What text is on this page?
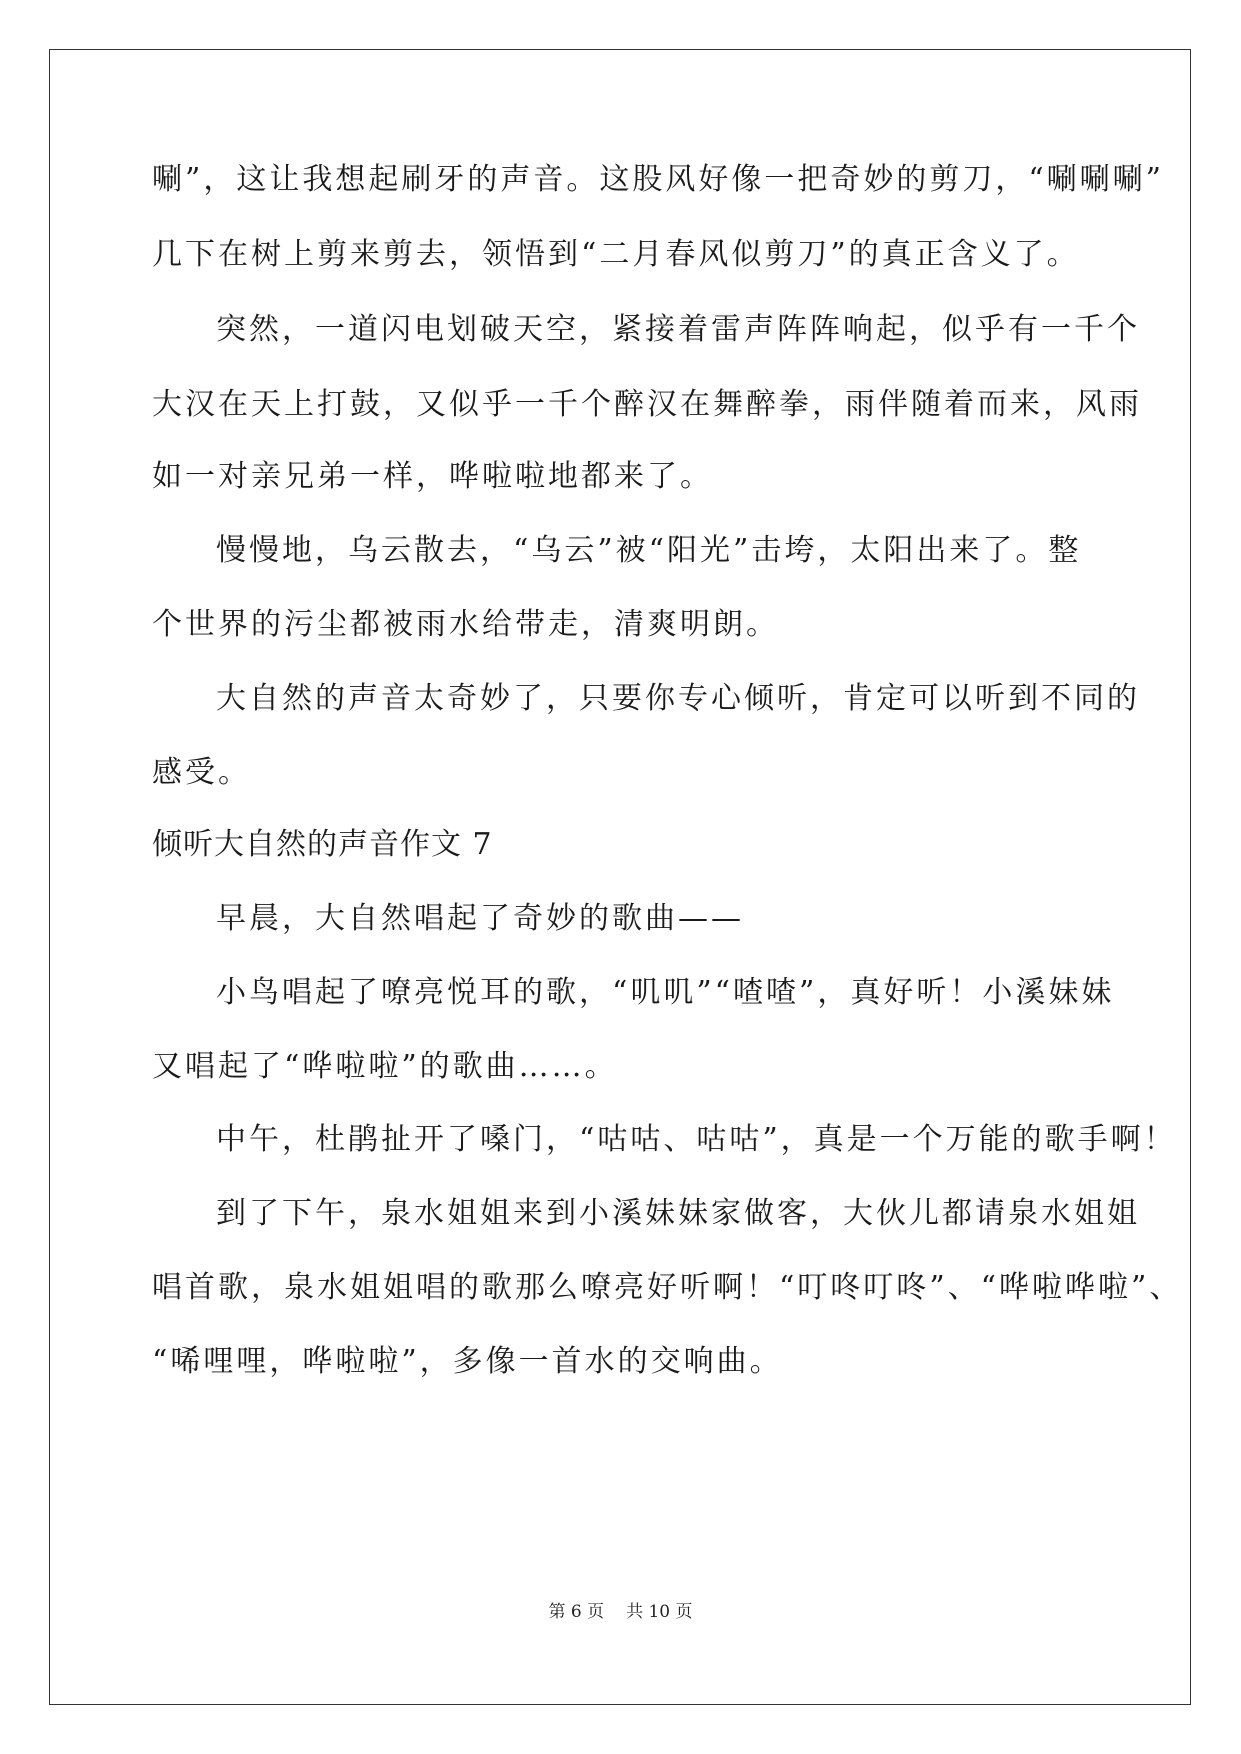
唰”，这让我想起刷牙的声音。这股风好像一把奇妙的剪刀，“唰唰唰”
几下在树上剪来剪去，领悟到“二月春风似剪刀”的真正含义了。
突然，一道闪电划破天空，紧接着雷声阵阵响起，似乎有一千个
大汉在天上打鼓，又似乎一千个醉汉在舞醉拳，雨伴随着而来，风雨
如一对亲兄弟一样，哗啦啦地都来了。
慢慢地，乌云散去，“乌云”被“阳光”击垮，太阳出来了。整
个世界的污尘都被雨水给带走，清爽明朗。
大自然的声音太奇妙了，只要你专心倾听，肯定可以听到不同的
感受。
倾听大自然的声音作文 7
早晨，大自然唱起了奇妙的歌曲——
小鸟唱起了嘹亮悦耳的歌，“叽叽”“喳喳”，真好听！小溪妹妹
又唱起了“哗啦啦”的歌曲……。
中午，杜鹃扯开了嗓门，“咕咕、咕咕”，真是一个万能的歌手啊！
到了下午，泉水姐姐来到小溪妹妹家做客，大伙儿都请泉水姐姐
唱首歌，泉水姐姐唱的歌那么嘹亮好听啊！“叮咚叮咚”、“哗啦哗啦”、
“唏哩哩，哗啦啦”，多像一首水的交响曲。
第 6 页 共 10 页
